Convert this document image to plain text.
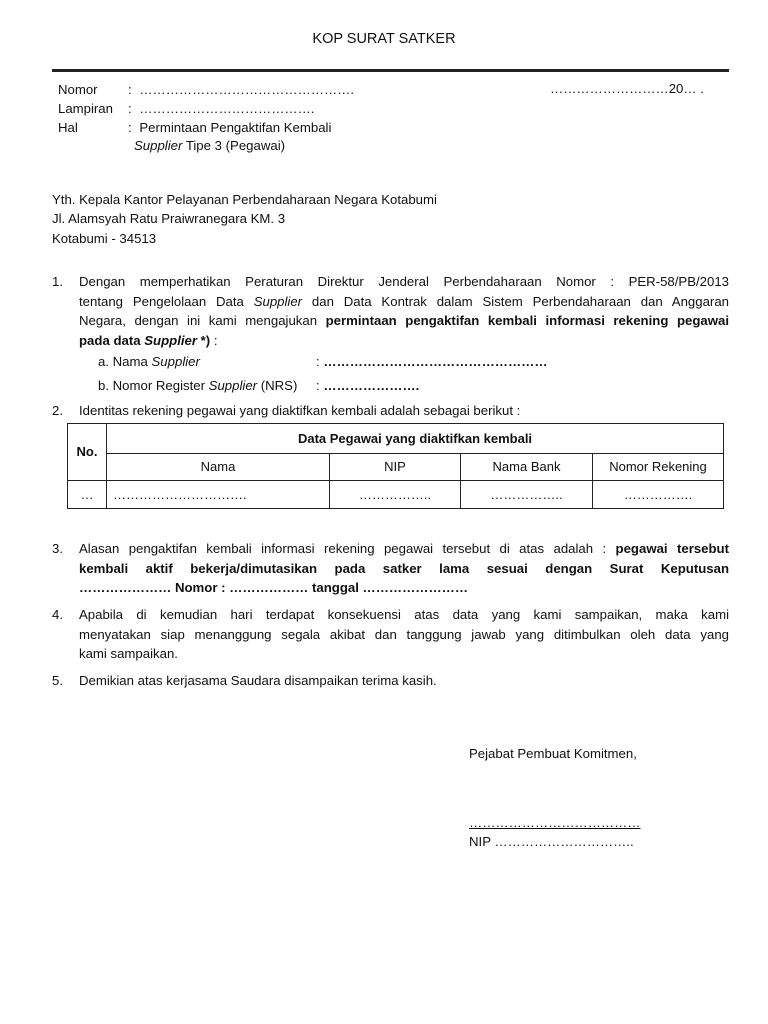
KOP SURAT SATKER
Nomor : ………………………………………….	………………………20… .
Lampiran : ………………………………….
Hal	: Permintaan Pengaktifan Kembali
Supplier Tipe 3 (Pegawai)
Yth. Kepala Kantor Pelayanan Perbendaharaan Negara Kotabumi
Jl. Alamsyah Ratu Praiwranegara KM. 3
Kotabumi - 34513
1.	Dengan memperhatikan Peraturan Direktur Jenderal Perbendaharaan Nomor : PER-58/PB/2013
tentang Pengelolaan Data Supplier dan Data Kontrak dalam Sistem Perbendaharaan dan Anggaran
Negara, dengan ini kami mengajukan permintaan pengaktifan kembali informasi rekening pegawai
pada data Supplier *) :
a. Nama Supplier	: ……………………………………………
b. Nomor Register Supplier (NRS) : ………………….
2.	Identitas rekening pegawai yang diaktifkan kembali adalah sebagai berikut :
No.	Data Pegawai yang diaktifkan kembali			
	Nama	NIP	Nama Bank	Nomor Rekening
…	………………………….	……………..	……………..	…………….
3.	Alasan pengaktifan kembali informasi rekening pegawai tersebut di atas adalah : pegawai tersebut
kembali aktif bekerja/dimutasikan pada satker lama sesuai dengan Surat Keputusan
………………… Nomor : ……………… tanggal ……………………
4.	Apabila di kemudian hari terdapat konsekuensi atas data yang kami sampaikan, maka kami
menyatakan siap menanggung segala akibat dan tanggung jawab yang ditimbulkan oleh data yang
kami sampaikan.
5.	Demikian atas kerjasama Saudara disampaikan terima kasih.
Pejabat Pembuat Komitmen,
…………………………………
NIP …………………………..
